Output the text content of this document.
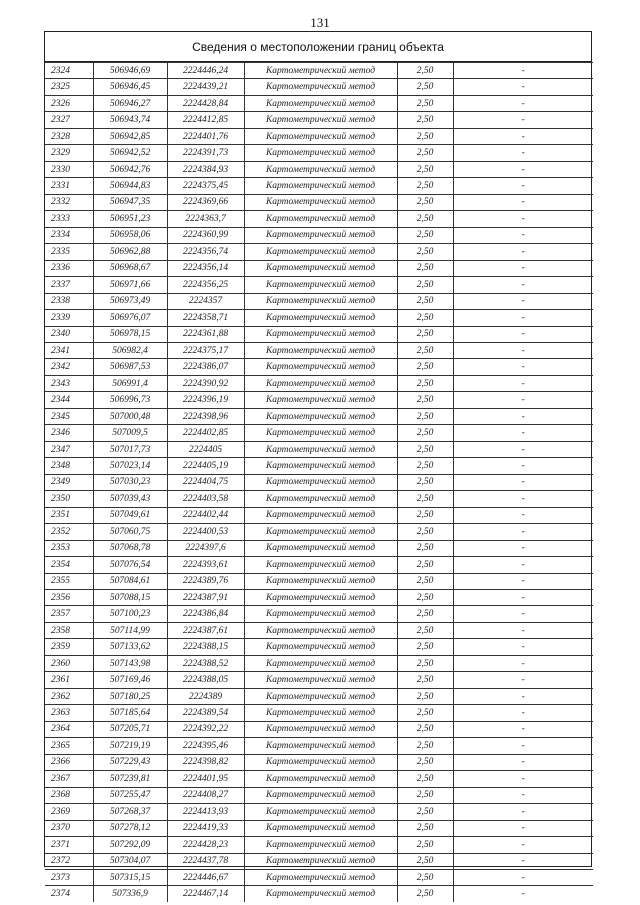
131
Сведения о местоположении границ объекта
2324	506946,69	2224446,24	Картометрический метод	2,50	-
2325	506946,45	2224439,21	Картометрический метод	2,50	-
2326	506946,27	2224428,84	Картометрический метод	2,50	-
2327	506943,74	2224412,85	Картометрический метод	2,50	-
2328	506942,85	2224401,76	Картометрический метод	2,50	-
2329	506942,52	2224391,73	Картометрический метод	2,50	-
2330	506942,76	2224384,93	Картометрический метод	2,50	-
2331	506944,83	2224375,45	Картометрический метод	2,50	-
2332	506947,35	2224369,66	Картометрический метод	2,50	-
2333	506951,23	2224363,7	Картометрический метод	2,50	-
2334	506958,06	2224360,99	Картометрический метод	2,50	-
2335	506962,88	2224356,74	Картометрический метод	2,50	-
2336	506968,67	2224356,14	Картометрический метод	2,50	-
2337	506971,66	2224356,25	Картометрический метод	2,50	-
2338	506973,49	2224357	Картометрический метод	2,50	-
2339	506976,07	2224358,71	Картометрический метод	2,50	-
2340	506978,15	2224361,88	Картометрический метод	2,50	-
2341	506982,4	2224375,17	Картометрический метод	2,50	-
2342	506987,53	2224386,07	Картометрический метод	2,50	-
2343	506991,4	2224390,92	Картометрический метод	2,50	-
2344	506996,73	2224396,19	Картометрический метод	2,50	-
2345	507000,48	2224398,96	Картометрический метод	2,50	-
2346	507009,5	2224402,85	Картометрический метод	2,50	-
2347	507017,73	2224405	Картометрический метод	2,50	-
2348	507023,14	2224405,19	Картометрический метод	2,50	-
2349	507030,23	2224404,75	Картометрический метод	2,50	-
2350	507039,43	2224403,58	Картометрический метод	2,50	-
2351	507049,61	2224402,44	Картометрический метод	2,50	-
2352	507060,75	2224400,53	Картометрический метод	2,50	-
2353	507068,78	2224397,6	Картометрический метод	2,50	-
2354	507076,54	2224393,61	Картометрический метод	2,50	-
2355	507084,61	2224389,76	Картометрический метод	2,50	-
2356	507088,15	2224387,91	Картометрический метод	2,50	-
2357	507100,23	2224386,84	Картометрический метод	2,50	-
2358	507114,99	2224387,61	Картометрический метод	2,50	-
2359	507133,62	2224388,15	Картометрический метод	2,50	-
2360	507143,98	2224388,52	Картометрический метод	2,50	-
2361	507169,46	2224388,05	Картометрический метод	2,50	-
2362	507180,25	2224389	Картометрический метод	2,50	-
2363	507185,64	2224389,54	Картометрический метод	2,50	-
2364	507205,71	2224392,22	Картометрический метод	2,50	-
2365	507219,19	2224395,46	Картометрический метод	2,50	-
2366	507229,43	2224398,82	Картометрический метод	2,50	-
2367	507239,81	2224401,95	Картометрический метод	2,50	-
2368	507255,47	2224408,27	Картометрический метод	2,50	-
2369	507268,37	2224413,93	Картометрический метод	2,50	-
2370	507278,12	2224419,33	Картометрический метод	2,50	-
2371	507292,09	2224428,23	Картометрический метод	2,50	-
2372	507304,07	2224437,78	Картометрический метод	2,50	-
2373	507315,15	2224446,67	Картометрический метод	2,50	-
2374	507336,9	2224467,14	Картометрический метод	2,50	-
